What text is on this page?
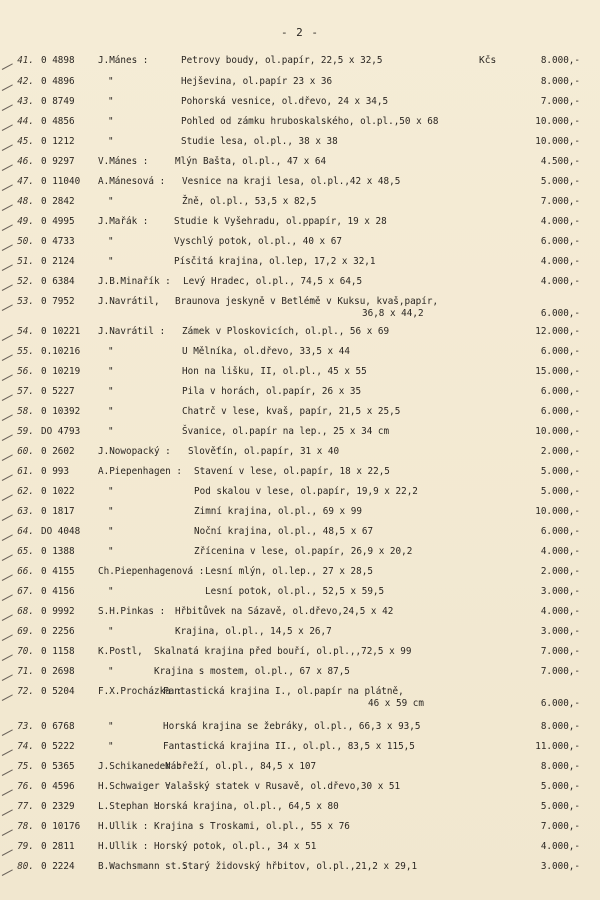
- 2 -
Kčs
41. 0 4898	J.Mánes :	Petrovy boudy, ol.papír, 22,5 x 32,5	8.000,-
42. 0 4896	"	Hejševina, ol.papír 23 x 36	8.000,-
43. 0 8749	"	Pohorská vesnice, ol.dřevo, 24 x 34,5	7.000,-
44. 0 4856	"	Pohled od zámku hruboskalského, ol.pl.,50 x 68	10.000,-
45. 0 1212	"	Studie lesa, ol.pl., 38 x 38	10.000,-
46. 0 9297	V.Mánes :	Mlýn Bašta, ol.pl., 47 x 64	4.500,-
47. 0 11040	A.Mánesová :	Vesnice na kraji lesa, ol.pl.,42 x 48,5	5.000,-
48. 0 2842	"	Žně, ol.pl., 53,5 x 82,5	7.000,-
49. 0 4995	J.Mařák :	Studie k Vyšehradu, ol.ppapír, 19 x 28	4.000,-
50. 0 4733	"	Vyschlý potok, ol.pl., 40 x 67	6.000,-
51. 0 2124	"	Písčitá krajina, ol.lep, 17,2 x 32,1	4.000,-
52. 0 6384	J.B.Minařík : Levý Hradec, ol.pl., 74,5 x 64,5	4.000,-
53. 0 7952	J.Navrátil,	Braunova jeskyně v Betlémě v Kuksu, kvaš,papír,
36,8 x 44,2	6.000,-
54. 0 10221	J.Navrátil :	Zámek v Ploskovicích, ol.pl., 56 x 69	12.000,-
55. 0.10216	"	U Mělníka, ol.dřevo, 33,5 x 44	6.000,-
56. 0 10219	"	Hon na lišku, II, ol.pl., 45 x 55	15.000,-
57. 0 5227	"	Pila v horách, ol.papír, 26 x 35	6.000,-
58. 0 10392	"	Chatrč v lese, kvaš, papír, 21,5 x 25,5	6.000,-
59. DO 4793	"	Švanice, ol.papír na lep., 25 x 34 cm	10.000,-
60. 0 2602	J.Nowopacký : Slověťín, ol.papír, 31 x 40	2.000,-
61. 0 993	A.Piepenhagen : Stavení v lese, ol.papír, 18 x 22,5	5.000,-
62. 0 1022	"	Pod skalou v lese, ol.papír, 19,9 x 22,2	5.000,-
63. 0 1817	"	Zimní krajina, ol.pl., 69 x 99	10.000,-
64. DO 4048	"	Noční krajina, ol.pl., 48,5 x 67	6.000,-
65. 0 1388	"	Zřícenina v lese, ol.papír, 26,9 x 20,2	4.000,-
66. 0 4155	Ch.Piepenhagenová : Lesní mlýn, ol.lep., 27 x 28,5	2.000,-
67. 0 4156	"	Lesní potok, ol.pl., 52,5 x 59,5	3.000,-
68. 0 9992	S.H.Pinkas :	Hřbitůvek na Sázavě, ol.dřevo,24,5 x 42	4.000,-
69. 0 2256	"	Krajina, ol.pl., 14,5 x 26,7	3.000,-
70. 0 1158	K.Postl,	Skalnatá krajina před bouří, ol.pl.,,72,5 x 99	7.000,-
71. 0 2698	"	Krajina s mostem, ol.pl., 67 x 87,5	7.000,-
72. 0 5204	F.X.Procházka :
Fantastická krajina I., ol.papír na plátně,
46 x 59 cm	6.000,-
73. 0 6768	"	Horská krajina se žebráky, ol.pl., 66,3 x 93,5	8.000,-
74. 0 5222	"	Fantastická krajina II., ol.pl., 83,5 x 115,5	11.000,-
75. 0 5365	J.Schikaneder :
Nábřeží, ol.pl., 84,5 x 107	8.000,-
76. 0 4596	H.Schwaiger :
Valašský statek v Rusavě, ol.dřevo,30 x 51	5.000,-
77. 0 2329	L.Stephan :
Horská krajina, ol.pl., 64,5 x 80	5.000,-
78. 0 10176	H.Ullik : Krajina s Troskami, ol.pl., 55 x 76	7.000,-
79. 0 2811	H.Ullik : Horský potok, ol.pl., 34 x 51	4.000,-
80. 0 2224	B.Wachsmann st.:
Starý židovský hřbitov, ol.pl.,21,2 x 29,1	3.000,-
